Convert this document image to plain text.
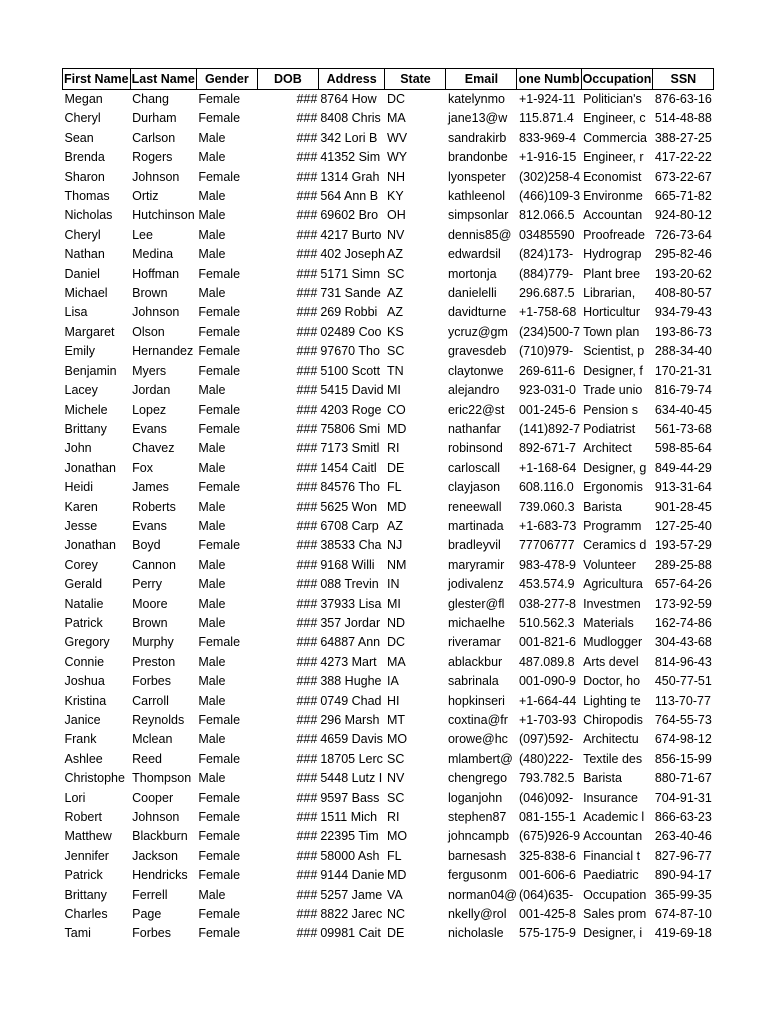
First Name	Last Name	Gender	DOB	Address	State	Email	one Numb	Occupation	SSN
Megan	Chang	Female	###	8764 How	DC	katelynmo	+1-924-11	Politician's	876-63-16
Cheryl	Durham	Female	###	8408 Chris	MA	jane13@w	115.871.4	Engineer, c	514-48-88
Sean	Carlson	Male	###	342 Lori B	WV	sandrakirb	833-969-4	Commercia	388-27-25
Brenda	Rogers	Male	###	41352 Sim	WY	brandonbe	+1-916-15	Engineer, r	417-22-22
Sharon	Johnson	Female	###	1314 Grah	NH	lyonspeter	(302)258-4	Economist	673-22-67
Thomas	Ortiz	Male	###	564 Ann B	KY	kathleenol	(466)109-3	Environme	665-71-82
Nicholas	Hutchinson	Male	###	69602 Bro	OH	simpsonlar	812.066.5	Accountan	924-80-12
Cheryl	Lee	Male	###	4217 Burto	NV	dennis85@	03485590	Proofreade	726-73-64
Nathan	Medina	Male	###	402 Joseph	AZ	edwardsil	(824)173-	Hydrograp	295-82-46
Daniel	Hoffman	Female	###	5171 Simn	SC	mortonja	(884)779-	Plant bree	193-20-62
Michael	Brown	Male	###	731 Sande	AZ	danielelli	296.687.5	Librarian,	408-80-57
Lisa	Johnson	Female	###	269 Robbi	AZ	davidturne	+1-758-68	Horticultur	934-79-43
Margaret	Olson	Female	###	02489 Coo	KS	ycruz@gm	(234)500-7	Town plan	193-86-73
Emily	Hernandez	Female	###	97670 Tho	SC	gravesdeb	(710)979-	Scientist, p	288-34-40
Benjamin	Myers	Female	###	5100 Scott	TN	claytonwe	269-611-6	Designer, f	170-21-31
Lacey	Jordan	Male	###	5415 David	MI	alejandro	923-031-0	Trade unio	816-79-74
Michele	Lopez	Female	###	4203 Roge	CO	eric22@st	001-245-6	Pension s	634-40-45
Brittany	Evans	Female	###	75806 Smi	MD	nathanfar	(141)892-7	Podiatrist	561-73-68
John	Chavez	Male	###	7173 Smitl	RI	robinsond	892-671-7	Architect	598-85-64
Jonathan	Fox	Male	###	1454 Caitl	DE	carloscall	+1-168-64	Designer, g	849-44-29
Heidi	James	Female	###	84576 Tho	FL	clayjason	608.116.0	Ergonomis	913-31-64
Karen	Roberts	Male	###	5625 Won	MD	reneewall	739.060.3	Barista	901-28-45
Jesse	Evans	Male	###	6708 Carp	AZ	martinada	+1-683-73	Programm	127-25-40
Jonathan	Boyd	Female	###	38533 Cha	NJ	bradleyvil	77706777	Ceramics d	193-57-29
Corey	Cannon	Male	###	9168 Willi	NM	maryramir	983-478-9	Volunteer	289-25-88
Gerald	Perry	Male	###	088 Trevin	IN	jodivalenz	453.574.9	Agricultura	657-64-26
Natalie	Moore	Male	###	37933 Lisa	MI	glester@fl	038-277-8	Investmen	173-92-59
Patrick	Brown	Male	###	357 Jordar	ND	michaelhe	510.562.3	Materials	162-74-86
Gregory	Murphy	Female	###	64887 Ann	DC	riveramar	001-821-6	Mudlogger	304-43-68
Connie	Preston	Male	###	4273 Mart	MA	ablackbur	487.089.8	Arts devel	814-96-43
Joshua	Forbes	Male	###	388 Hughe	IA	sabrinala	001-090-9	Doctor, ho	450-77-51
Kristina	Carroll	Male	###	0749 Chad	HI	hopkinseri	+1-664-44	Lighting te	113-70-77
Janice	Reynolds	Female	###	296 Marsh	MT	coxtina@fr	+1-703-93	Chiropodis	764-55-73
Frank	Mclean	Male	###	4659 Davis	MO	orowe@hc	(097)592-	Architectu	674-98-12
Ashlee	Reed	Female	###	18705 Lerc	SC	mlambert@	(480)222-	Textile des	856-15-99
Christophe	Thompson	Male	###	5448 Lutz I	NV	chengrego	793.782.5	Barista	880-71-67
Lori	Cooper	Female	###	9597 Bass	SC	loganjohn	(046)092-	Insurance	704-91-31
Robert	Johnson	Female	###	1511 Mich	RI	stephen87	081-155-1	Academic l	866-63-23
Matthew	Blackburn	Female	###	22395 Tim	MO	johncampb	(675)926-9	Accountan	263-40-46
Jennifer	Jackson	Female	###	58000 Ash	FL	barnesash	325-838-6	Financial t	827-96-77
Patrick	Hendricks	Female	###	9144 Danie	MD	fergusonm	001-606-6	Paediatric	890-94-17
Brittany	Ferrell	Male	###	5257 Jame	VA	norman04@	(064)635-	Occupation	365-99-35
Charles	Page	Female	###	8822 Jarec	NC	nkelly@rol	001-425-8	Sales prom	674-87-10
Tami	Forbes	Female	###	09981 Cait	DE	nicholasle	575-175-9	Designer, i	419-69-18
